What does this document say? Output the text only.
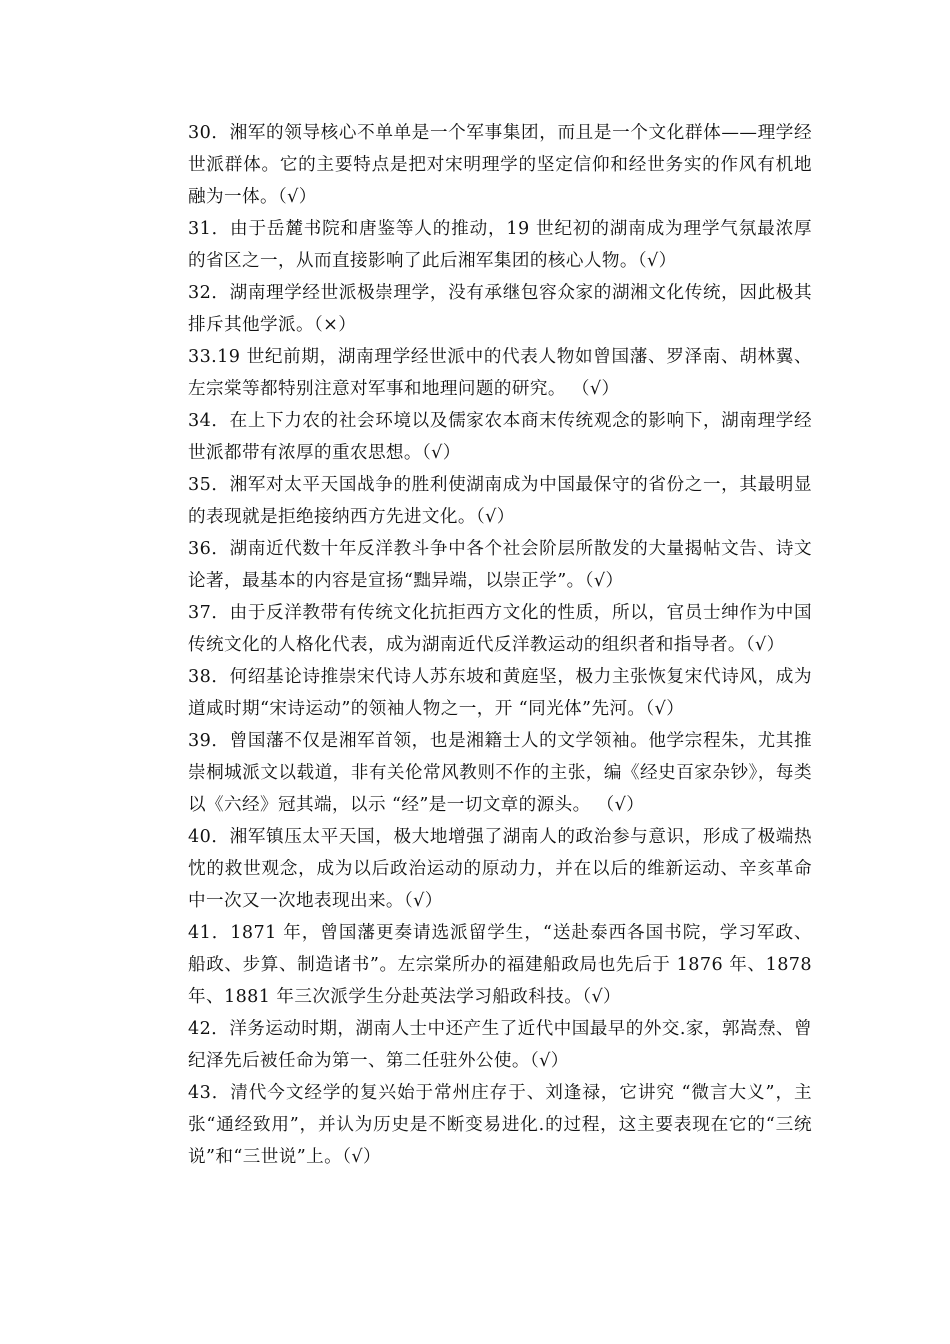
30．湘军的领导核心不单单是一个军事集团，而且是一个文化群体——理学经世派群体。它的主要特点是把对宋明理学的坚定信仰和经世务实的作风有机地融为一体。（√）

31．由于岳麓书院和唐鉴等人的推动，19 世纪初的湖南成为理学气氛最浓厚的省区之一，从而直接影响了此后湘军集团的核心人物。（√）

32．湖南理学经世派极崇理学，没有承继包容众家的湖湘文化传统，因此极其排斥其他学派。（×）

33.19 世纪前期，湖南理学经世派中的代表人物如曾国藩、罗泽南、胡林翼、左宗棠等都特别注意对军事和地理问题的研究。 （√）

34．在上下力农的社会环境以及儒家农本商末传统观念的影响下，湖南理学经世派都带有浓厚的重农思想。（√）

35．湘军对太平天国战争的胜利使湖南成为中国最保守的省份之一，其最明显的表现就是拒绝接纳西方先进文化。（√）

36．湖南近代数十年反洋教斗争中各个社会阶层所散发的大量揭帖文告、诗文论著，最基本的内容是宣扬“黜异端，以崇正学”。（√）

37．由于反洋教带有传统文化抗拒西方文化的性质，所以，官员士绅作为中国传统文化的人格化代表，成为湖南近代反洋教运动的组织者和指导者。（√）

38．何绍基论诗推崇宋代诗人苏东坡和黄庭坚，极力主张恢复宋代诗风，成为道咸时期“宋诗运动”的领袖人物之一，开 “同光体”先河。（√）

39．曾国藩不仅是湘军首领，也是湘籍士人的文学领袖。他学宗程朱，尤其推崇桐城派文以载道，非有关伦常风教则不作的主张，编《经史百家杂钞》，每类以《六经》冠其端，以示 “经”是一切文章的源头。 （√）

40．湘军镇压太平天国，极大地增强了湖南人的政治参与意识，形成了极端热忱的救世观念，成为以后政治运动的原动力，并在以后的维新运动、辛亥革命中一次又一次地表现出来。（√）

41．1871 年，曾国藩更奏请选派留学生，“送赴泰西各国书院，学习军政、船政、步算、制造诸书”。左宗棠所办的福建船政局也先后于 1876 年、1878 年、1881 年三次派学生分赴英法学习船政科技。（√）

42．洋务运动时期，湖南人士中还产生了近代中国最早的外交.家，郭嵩焘、曾纪泽先后被任命为第一、第二任驻外公使。（√）

43．清代今文经学的复兴始于常州庄存于、刘逢禄，它讲究 “微言大义”，主张“通经致用”，并认为历史是不断变易进化.的过程，这主要表现在它的“三统说”和“三世说”上。（√）
